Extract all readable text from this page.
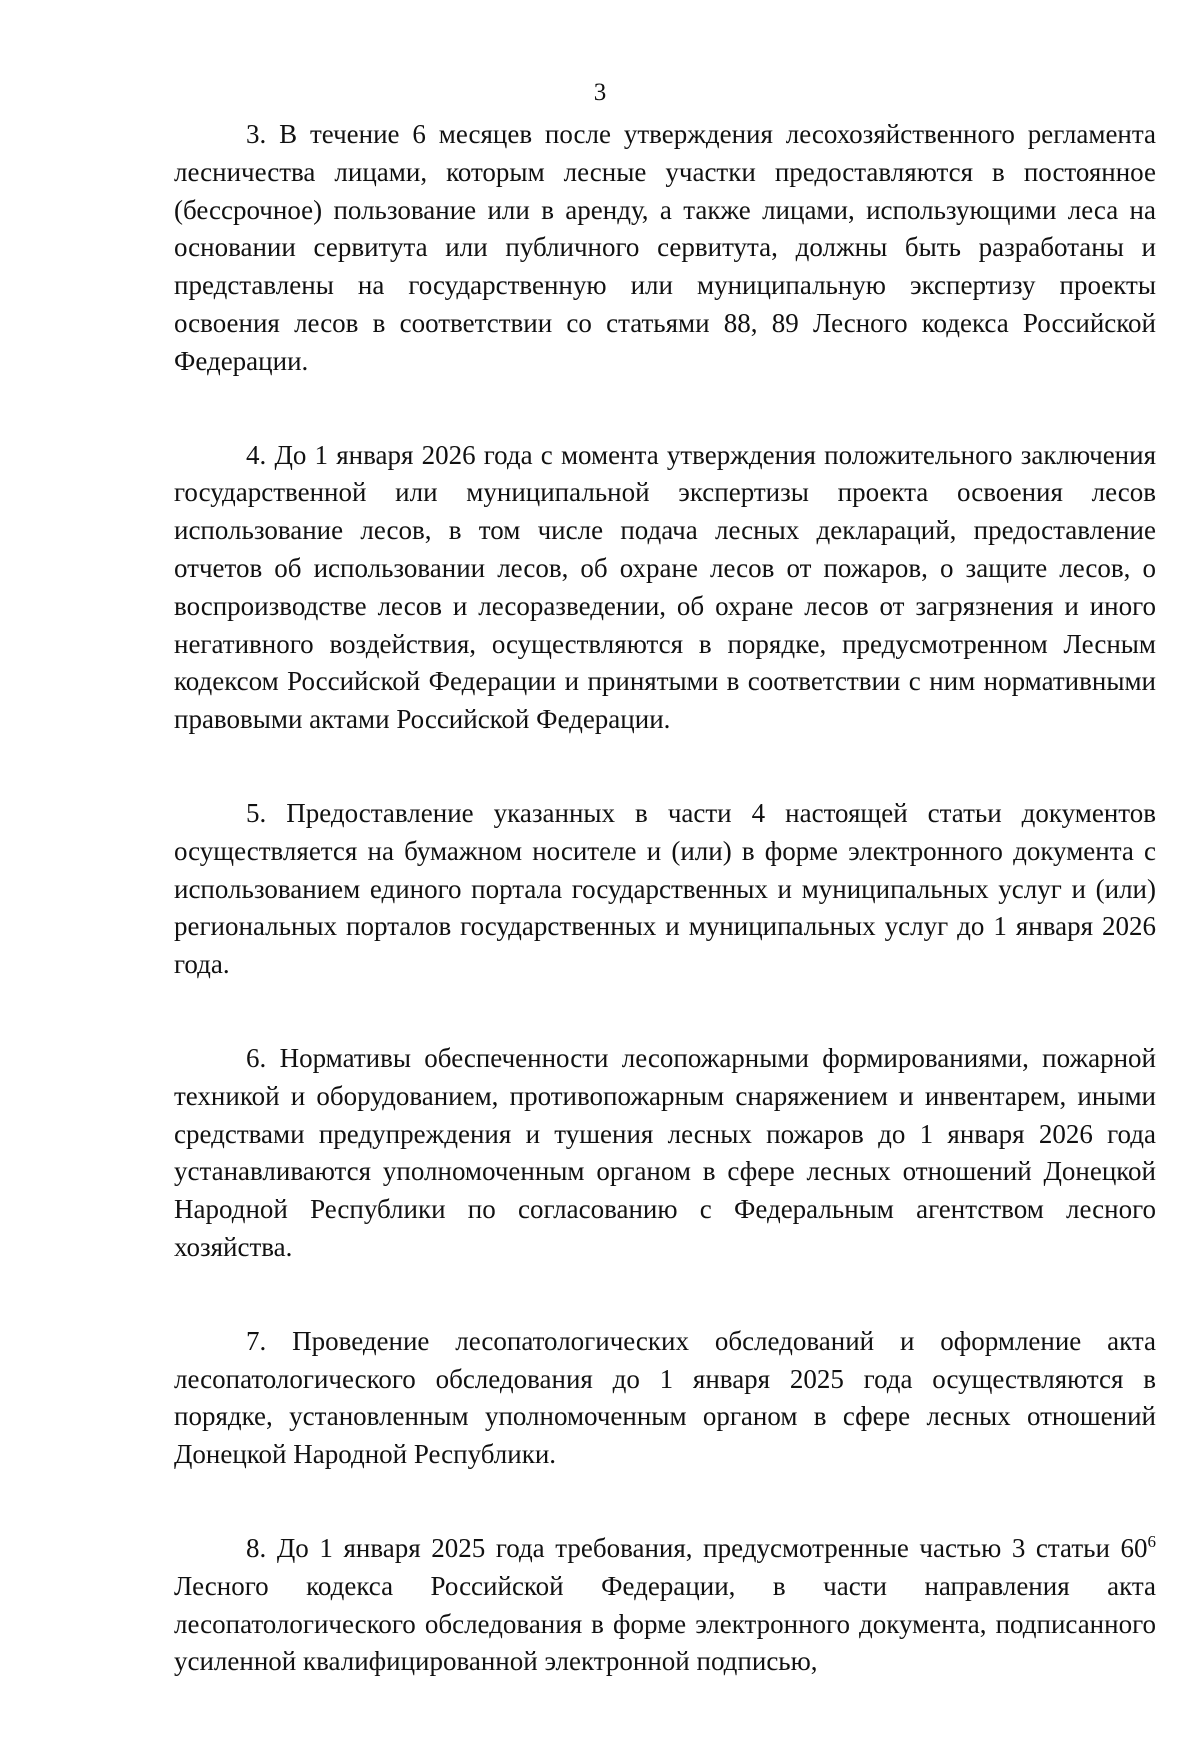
3

3. В течение 6 месяцев после утверждения лесохозяйственного регламента лесничества лицами, которым лесные участки предоставляются в постоянное (бессрочное) пользование или в аренду, а также лицами, использующими леса на основании сервитута или публичного сервитута, должны быть разработаны и представлены на государственную или муниципальную экспертизу проекты освоения лесов в соответствии со статьями 88, 89 Лесного кодекса Российской Федерации.

4. До 1 января 2026 года с момента утверждения положительного заключения государственной или муниципальной экспертизы проекта освоения лесов использование лесов, в том числе подача лесных деклараций, предоставление отчетов об использовании лесов, об охране лесов от пожаров, о защите лесов, о воспроизводстве лесов и лесоразведении, об охране лесов от загрязнения и иного негативного воздействия, осуществляются в порядке, предусмотренном Лесным кодексом Российской Федерации и принятыми в соответствии с ним нормативными правовыми актами Российской Федерации.

5. Предоставление указанных в части 4 настоящей статьи документов осуществляется на бумажном носителе и (или) в форме электронного документа с использованием единого портала государственных и муниципальных услуг и (или) региональных порталов государственных и муниципальных услуг до 1 января 2026 года.

6. Нормативы обеспеченности лесопожарными формированиями, пожарной техникой и оборудованием, противопожарным снаряжением и инвентарем, иными средствами предупреждения и тушения лесных пожаров до 1 января 2026 года устанавливаются уполномоченным органом в сфере лесных отношений Донецкой Народной Республики по согласованию с Федеральным агентством лесного хозяйства.

7. Проведение лесопатологических обследований и оформление акта лесопатологического обследования до 1 января 2025 года осуществляются в порядке, установленным уполномоченным органом в сфере лесных отношений Донецкой Народной Республики.

8. До 1 января 2025 года требования, предусмотренные частью 3 статьи $60^6$ Лесного кодекса Российской Федерации, в части направления акта лесопатологического обследования в форме электронного документа, подписанного усиленной квалифицированной электронной подписью,
